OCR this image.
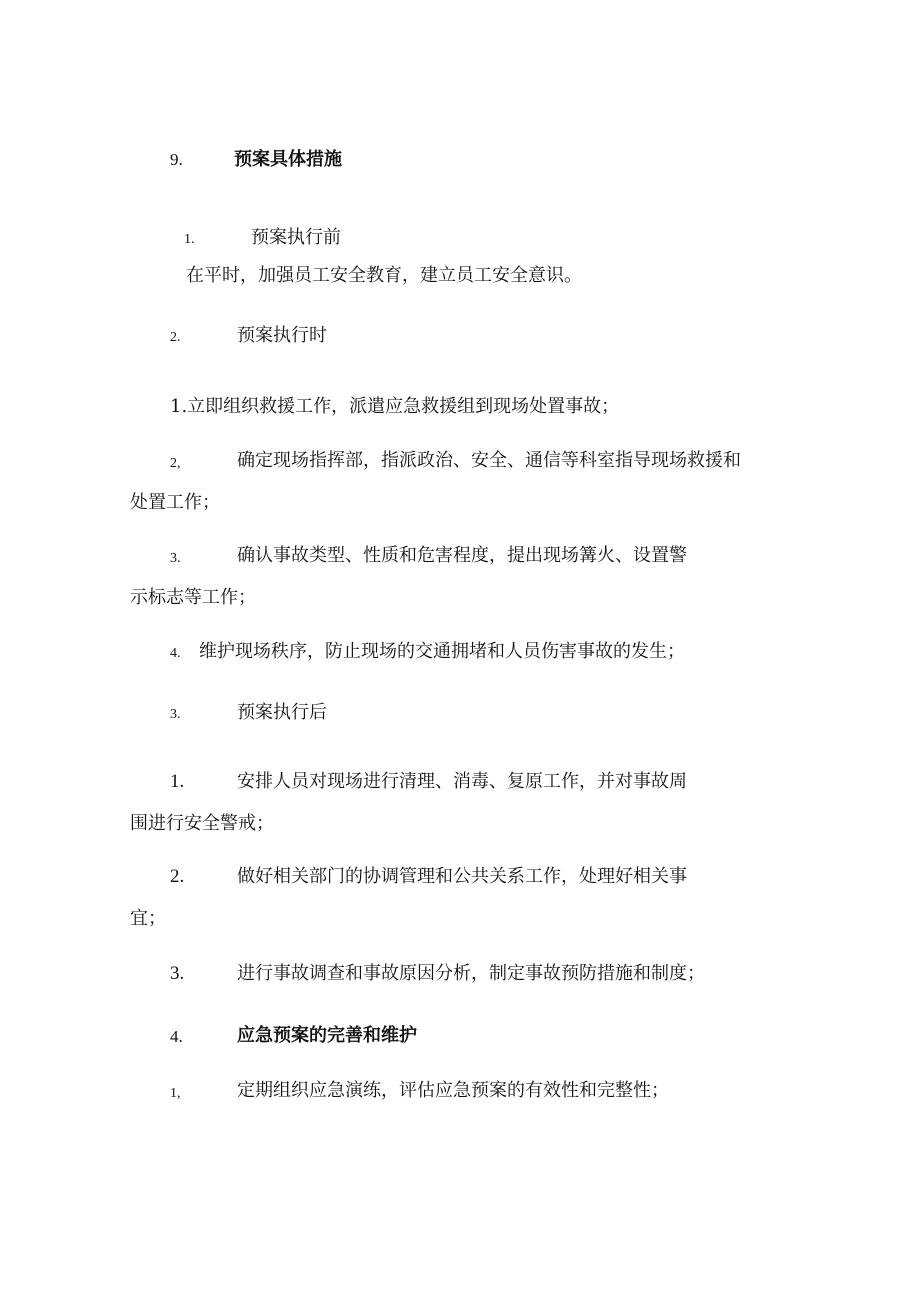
9.	预案具体措施
1.	预案执行前
在平时，加强员工安全教育，建立员工安全意识。
2.	预案执行时
1.立即组织救援工作，派遣应急救援组到现场处置事故；
2,	确定现场指挥部，指派政治、安全、通信等科室指导现场救援和
处置工作；
3.	确认事故类型、性质和危害程度，提出现场篝火、设置警
示标志等工作；
4. 维护现场秩序，防止现场的交通拥堵和人员伤害事故的发生；
3.	预案执行后
1.	安排人员对现场进行清理、消毒、复原工作，并对事故周
围进行安全警戒；
2.	做好相关部门的协调管理和公共关系工作，处理好相关事
宜；
3.	进行事故调查和事故原因分析，制定事故预防措施和制度；
4.	应急预案的完善和维护
1,	定期组织应急演练，评估应急预案的有效性和完整性；
